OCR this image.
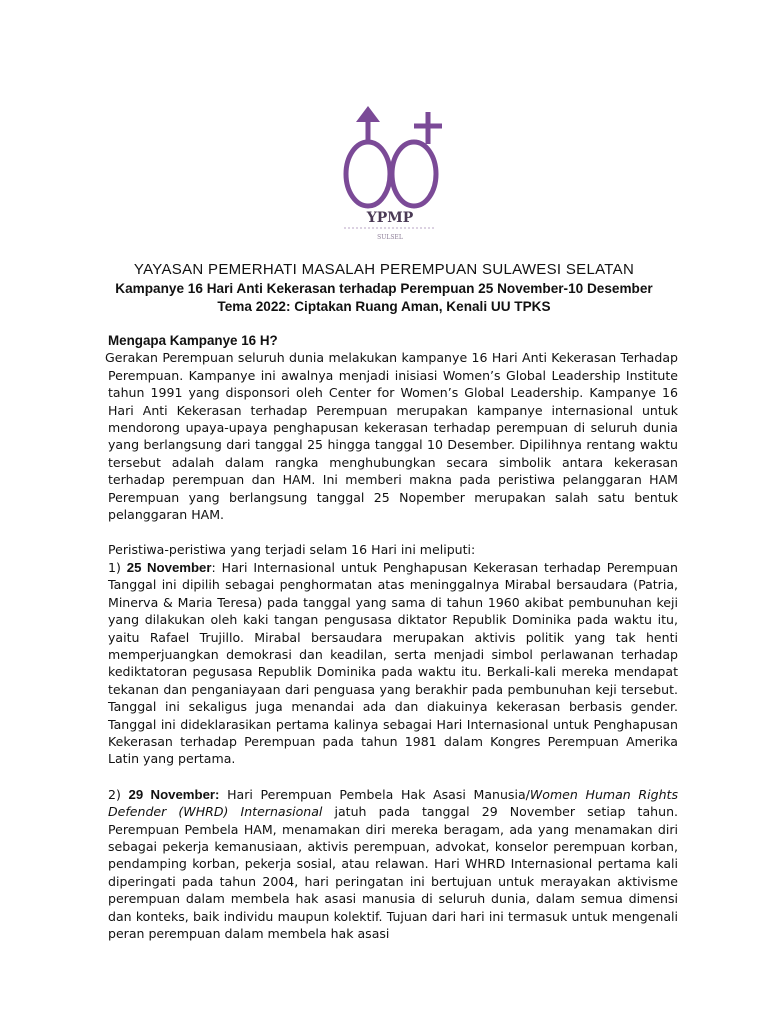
YPMP
SULSEL
YAYASAN PEMERHATI MASALAH PEREMPUAN SULAWESI SELATAN
Kampanye 16 Hari Anti Kekerasan terhadap Perempuan 25 November-10 Desember
Tema 2022: Ciptakan Ruang Aman, Kenali UU TPKS

Mengapa Kampanye 16 H?

Gerakan Perempuan seluruh dunia melakukan kampanye 16 Hari Anti Kekerasan Terhadap Perempuan. Kampanye ini awalnya menjadi inisiasi Women’s Global Leadership Institute tahun 1991 yang disponsori oleh Center for Women’s Global Leadership. Kampanye 16 Hari Anti Kekerasan terhadap Perempuan merupakan kampanye internasional untuk mendorong upaya-upaya penghapusan kekerasan terhadap perempuan di seluruh dunia yang berlangsung dari tanggal 25 hingga tanggal 10 Desember. Dipilihnya rentang waktu tersebut adalah dalam rangka menghubungkan secara simbolik antara kekerasan terhadap perempuan dan HAM. Ini memberi makna pada peristiwa pelanggaran HAM Perempuan yang berlangsung tanggal 25 Nopember merupakan salah satu bentuk pelanggaran HAM.

Peristiwa-peristiwa yang terjadi selam 16 Hari ini meliputi:

1) 25 November: Hari Internasional untuk Penghapusan Kekerasan terhadap Perempuan Tanggal ini dipilih sebagai penghormatan atas meninggalnya Mirabal bersaudara (Patria, Minerva & Maria Teresa) pada tanggal yang sama di tahun 1960 akibat pembunuhan keji yang dilakukan oleh kaki tangan pengusasa diktator Republik Dominika pada waktu itu, yaitu Rafael Trujillo. Mirabal bersaudara merupakan aktivis politik yang tak henti memperjuangkan demokrasi dan keadilan, serta menjadi simbol perlawanan terhadap kediktatoran pegusasa Republik Dominika pada waktu itu. Berkali-kali mereka mendapat tekanan dan penganiayaan dari penguasa yang berakhir pada pembunuhan keji tersebut. Tanggal ini sekaligus juga menandai ada dan diakuinya kekerasan berbasis gender. Tanggal ini dideklarasikan pertama kalinya sebagai Hari Internasional untuk Penghapusan Kekerasan terhadap Perempuan pada tahun 1981 dalam Kongres Perempuan Amerika Latin yang pertama.

2) 29 November: Hari Perempuan Pembela Hak Asasi Manusia/Women Human Rights Defender (WHRD) Internasional jatuh pada tanggal 29 November setiap tahun. Perempuan Pembela HAM, menamakan diri mereka beragam, ada yang menamakan diri sebagai pekerja kemanusiaan, aktivis perempuan, advokat, konselor perempuan korban, pendamping korban, pekerja sosial, atau relawan. Hari WHRD Internasional pertama kali diperingati pada tahun 2004, hari peringatan ini bertujuan untuk merayakan aktivisme perempuan dalam membela hak asasi manusia di seluruh dunia, dalam semua dimensi dan konteks, baik individu maupun kolektif. Tujuan dari hari ini termasuk untuk mengenali peran perempuan dalam membela hak asasi
